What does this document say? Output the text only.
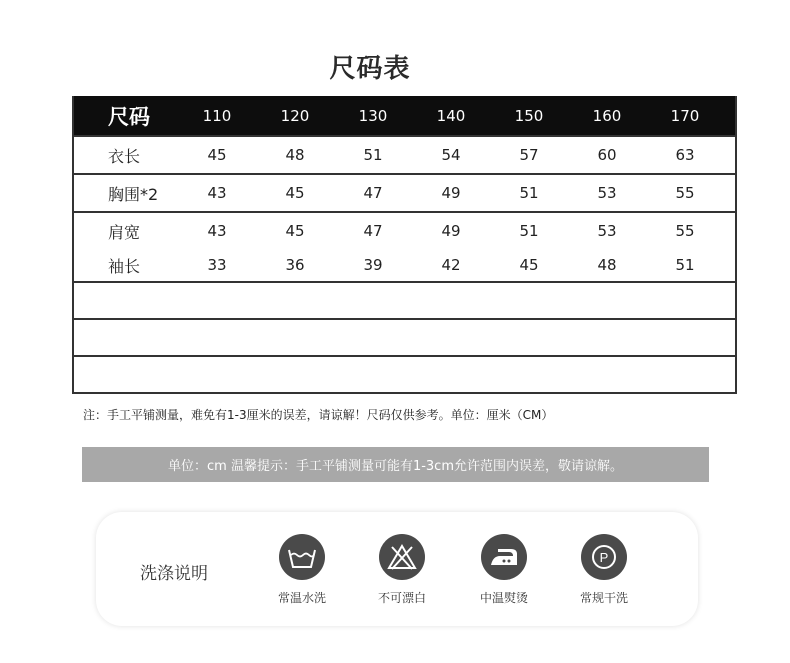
尺码表
尺码	110	120	130	140	150	160	170
衣长	45	48	51	54	57	60	63
胸围*2	43	45	47	49	51	53	55
肩宽	43	45	47	49	51	53	55
袖长	33	36	39	42	45	48	51
注：手工平铺测量，难免有1-3厘米的误差，请谅解！尺码仅供参考。单位：厘米（CM）
单位：cm 温馨提示：手工平铺测量可能有1-3cm允许范围内误差，敬请谅解。
洗涤说明
常温水洗	不可漂白	中温熨烫
P
常规干洗
